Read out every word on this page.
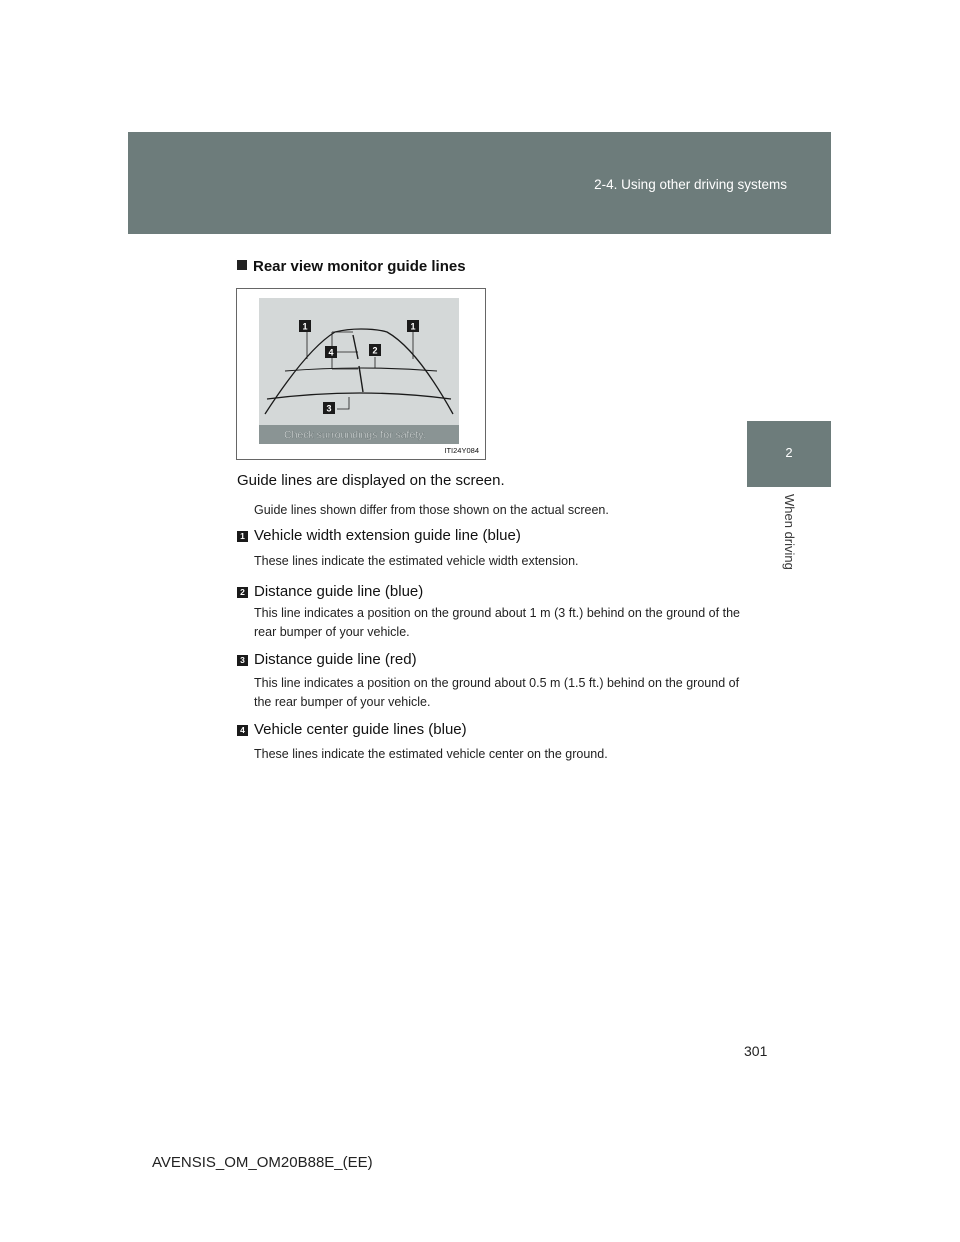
2-4. Using other driving systems
2
When driving
Rear view monitor guide lines
1	1
4	2
3
Check surroundings for safety.
ITI24Y084
Guide lines are displayed on the screen.
Guide lines shown differ from those shown on the actual screen.
1 Vehicle width extension guide line (blue)
These lines indicate the estimated vehicle width extension.
2 Distance guide line (blue)
This line indicates a position on the ground about 1 m (3 ft.) behind on the ground of the rear bumper of your vehicle.
3 Distance guide line (red)
This line indicates a position on the ground about 0.5 m (1.5 ft.) behind on the ground of the rear bumper of your vehicle.
4 Vehicle center guide lines (blue)
These lines indicate the estimated vehicle center on the ground.
301
AVENSIS_OM_OM20B88E_(EE)
